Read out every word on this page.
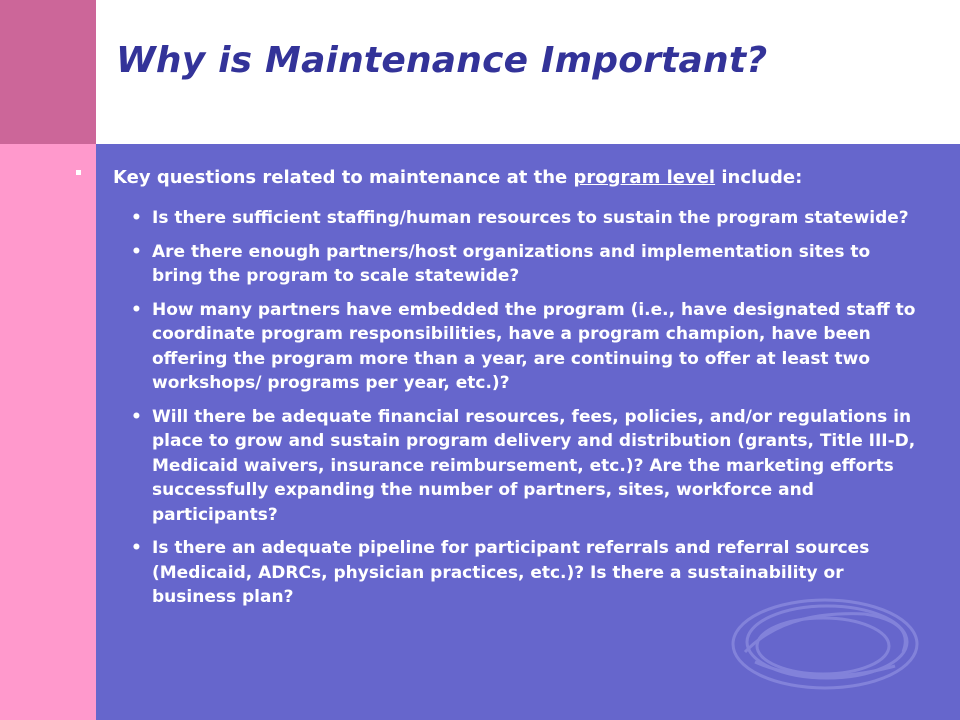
Why is Maintenance Important?
Key questions related to maintenance at the program level include:
• Is there sufficient staffing/human resources to sustain the program statewide?
• Are there enough partners/host organizations and implementation sites to bring the program to scale statewide?
• How many partners have embedded the program (i.e., have designated staff to coordinate program responsibilities, have a program champion, have been offering the program more than a year, are continuing to offer at least two workshops/ programs per year, etc.)?
• Will there be adequate financial resources, fees, policies, and/or regulations in place to grow and sustain program delivery and distribution (grants, Title III-D, Medicaid waivers, insurance reimbursement, etc.)? Are the marketing efforts successfully expanding the number of partners, sites, workforce and participants?
• Is there an adequate pipeline for participant referrals and referral sources (Medicaid, ADRCs, physician practices, etc.)? Is there a sustainability or business plan?
